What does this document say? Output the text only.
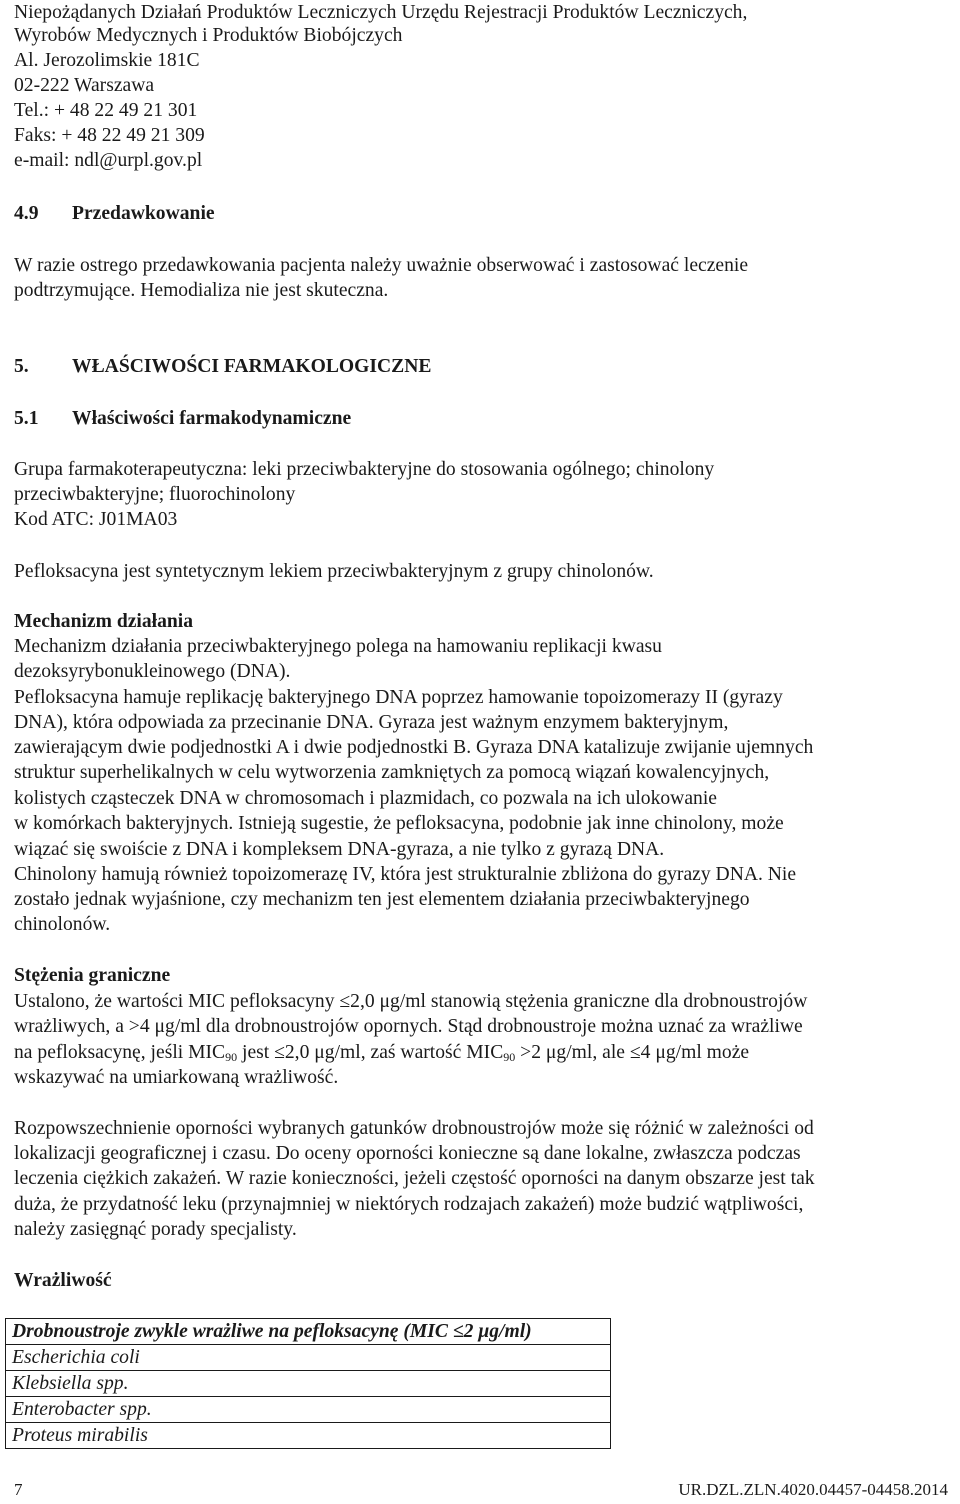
Niepożądanych Działań Produktów Leczniczych Urzędu Rejestracji Produktów Leczniczych,
Wyrobów Medycznych i Produktów Biobójczych
Al. Jerozolimskie 181C
02-222 Warszawa
Tel.: + 48 22 49 21 301
Faks: + 48 22 49 21 309
e-mail: ndl@urpl.gov.pl
4.9 Przedawkowanie
W razie ostrego przedawkowania pacjenta należy uważnie obserwować i zastosować leczenie
podtrzymujące. Hemodializa nie jest skuteczna.
5. WŁAŚCIWOŚCI FARMAKOLOGICZNE
5.1 Właściwości farmakodynamiczne
Grupa farmakoterapeutyczna: leki przeciwbakteryjne do stosowania ogólnego; chinolony
przeciwbakteryjne; fluorochinolony
Kod ATC: J01MA03
Pefloksacyna jest syntetycznym lekiem przeciwbakteryjnym z grupy chinolonów.
Mechanizm działania
Mechanizm działania przeciwbakteryjnego polega na hamowaniu replikacji kwasu
dezoksyrybonukleinowego (DNA).
Pefloksacyna hamuje replikację bakteryjnego DNA poprzez hamowanie topoizomerazy II (gyrazy
DNA), która odpowiada za przecinanie DNA. Gyraza jest ważnym enzymem bakteryjnym,
zawierającym dwie podjednostki A i dwie podjednostki B. Gyraza DNA katalizuje zwijanie ujemnych
struktur superhelikalnych w celu wytworzenia zamkniętych za pomocą wiązań kowalencyjnych,
kolistych cząsteczek DNA w chromosomach i plazmidach, co pozwala na ich ulokowanie
w komórkach bakteryjnych. Istnieją sugestie, że pefloksacyna, podobnie jak inne chinolony, może
wiązać się swoiście z DNA i kompleksem DNA-gyraza, a nie tylko z gyrazą DNA.
Chinolony hamują również topoizomerazę IV, która jest strukturalnie zbliżona do gyrazy DNA. Nie
zostało jednak wyjaśnione, czy mechanizm ten jest elementem działania przeciwbakteryjnego
chinolonów.
Stężenia graniczne
Ustalono, że wartości MIC pefloksacyny ≤2,0 μg/ml stanowią stężenia graniczne dla drobnoustrojów
wrażliwych, a >4 μg/ml dla drobnoustrojów opornych. Stąd drobnoustroje można uznać za wrażliwe
na pefloksacynę, jeśli $MIC_{90}$ jest ≤2,0 μg/ml, zaś wartość $MIC_{90} >2$ μg/ml, ale ≤4 μg/ml może
wskazywać na umiarkowaną wrażliwość.
Rozpowszechnienie oporności wybranych gatunków drobnoustrojów może się różnić w zależności od
lokalizacji geograficznej i czasu. Do oceny oporności konieczne są dane lokalne, zwłaszcza podczas
leczenia ciężkich zakażeń. W razie konieczności, jeżeli częstość oporności na danym obszarze jest tak
duża, że przydatność leku (przynajmniej w niektórych rodzajach zakażeń) może budzić wątpliwości,
należy zasięgnąć porady specjalisty.
Wrażliwość
Drobnoustroje zwykle wrażliwe na pefloksacynę (MIC ≤2 μg/ml)
Escherichia coli
Klebsiella spp.
Enterobacter spp.
Proteus mirabilis
7	UR.DZL.ZLN.4020.04457-04458.2014
